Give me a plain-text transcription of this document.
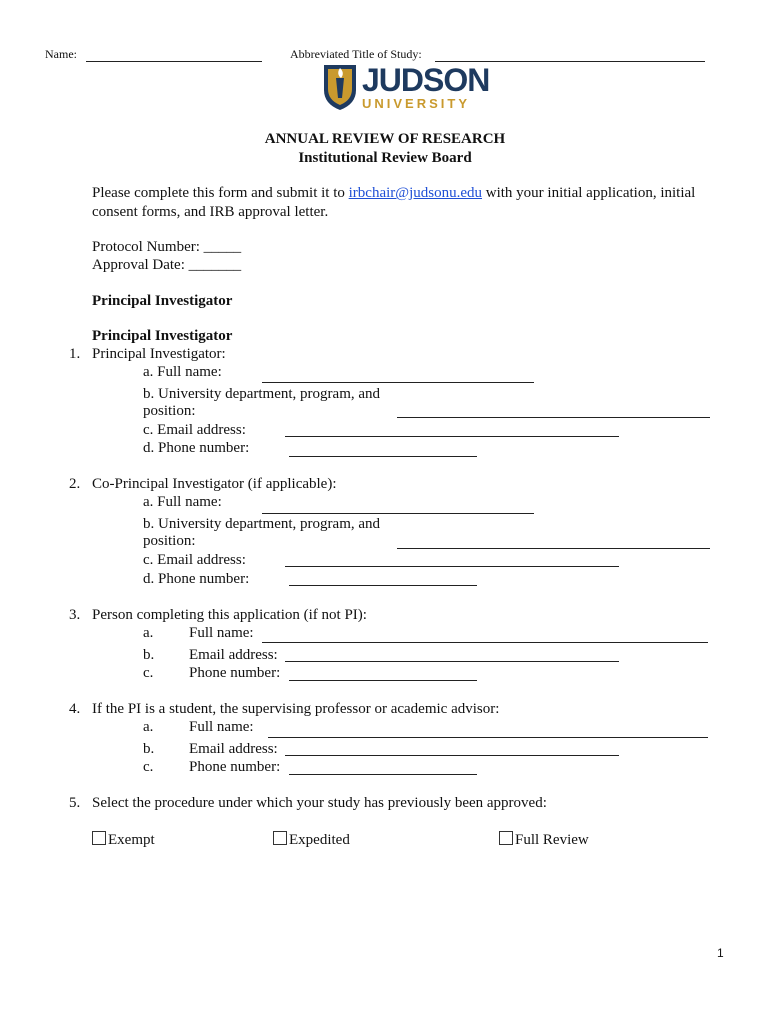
Name:	Abbreviated Title of Study:
JUDSON
UNIVERSITY
ANNUAL REVIEW OF RESEARCH
Institutional Review Board
Please complete this form and submit it to irbchair@judsonu.edu with your initial application, initial
consent forms, and IRB approval letter.
Protocol Number: _____
Approval Date: _______
Principal Investigator
Principal Investigator
1. Principal Investigator:
a. Full name:
b. University department, program, and
position:
c. Email address:
d. Phone number:
2. Co-Principal Investigator (if applicable):
a. Full name:
b. University department, program, and
position:
c. Email address:
d. Phone number:
3. Person completing this application (if not PI):
a. Full name:
b. Email address:
c. Phone number:
4. If the PI is a student, the supervising professor or academic advisor:
a. Full name:
b. Email address:
c. Phone number:
5. Select the procedure under which your study has previously been approved:
Exempt	Expedited	Full Review
1
